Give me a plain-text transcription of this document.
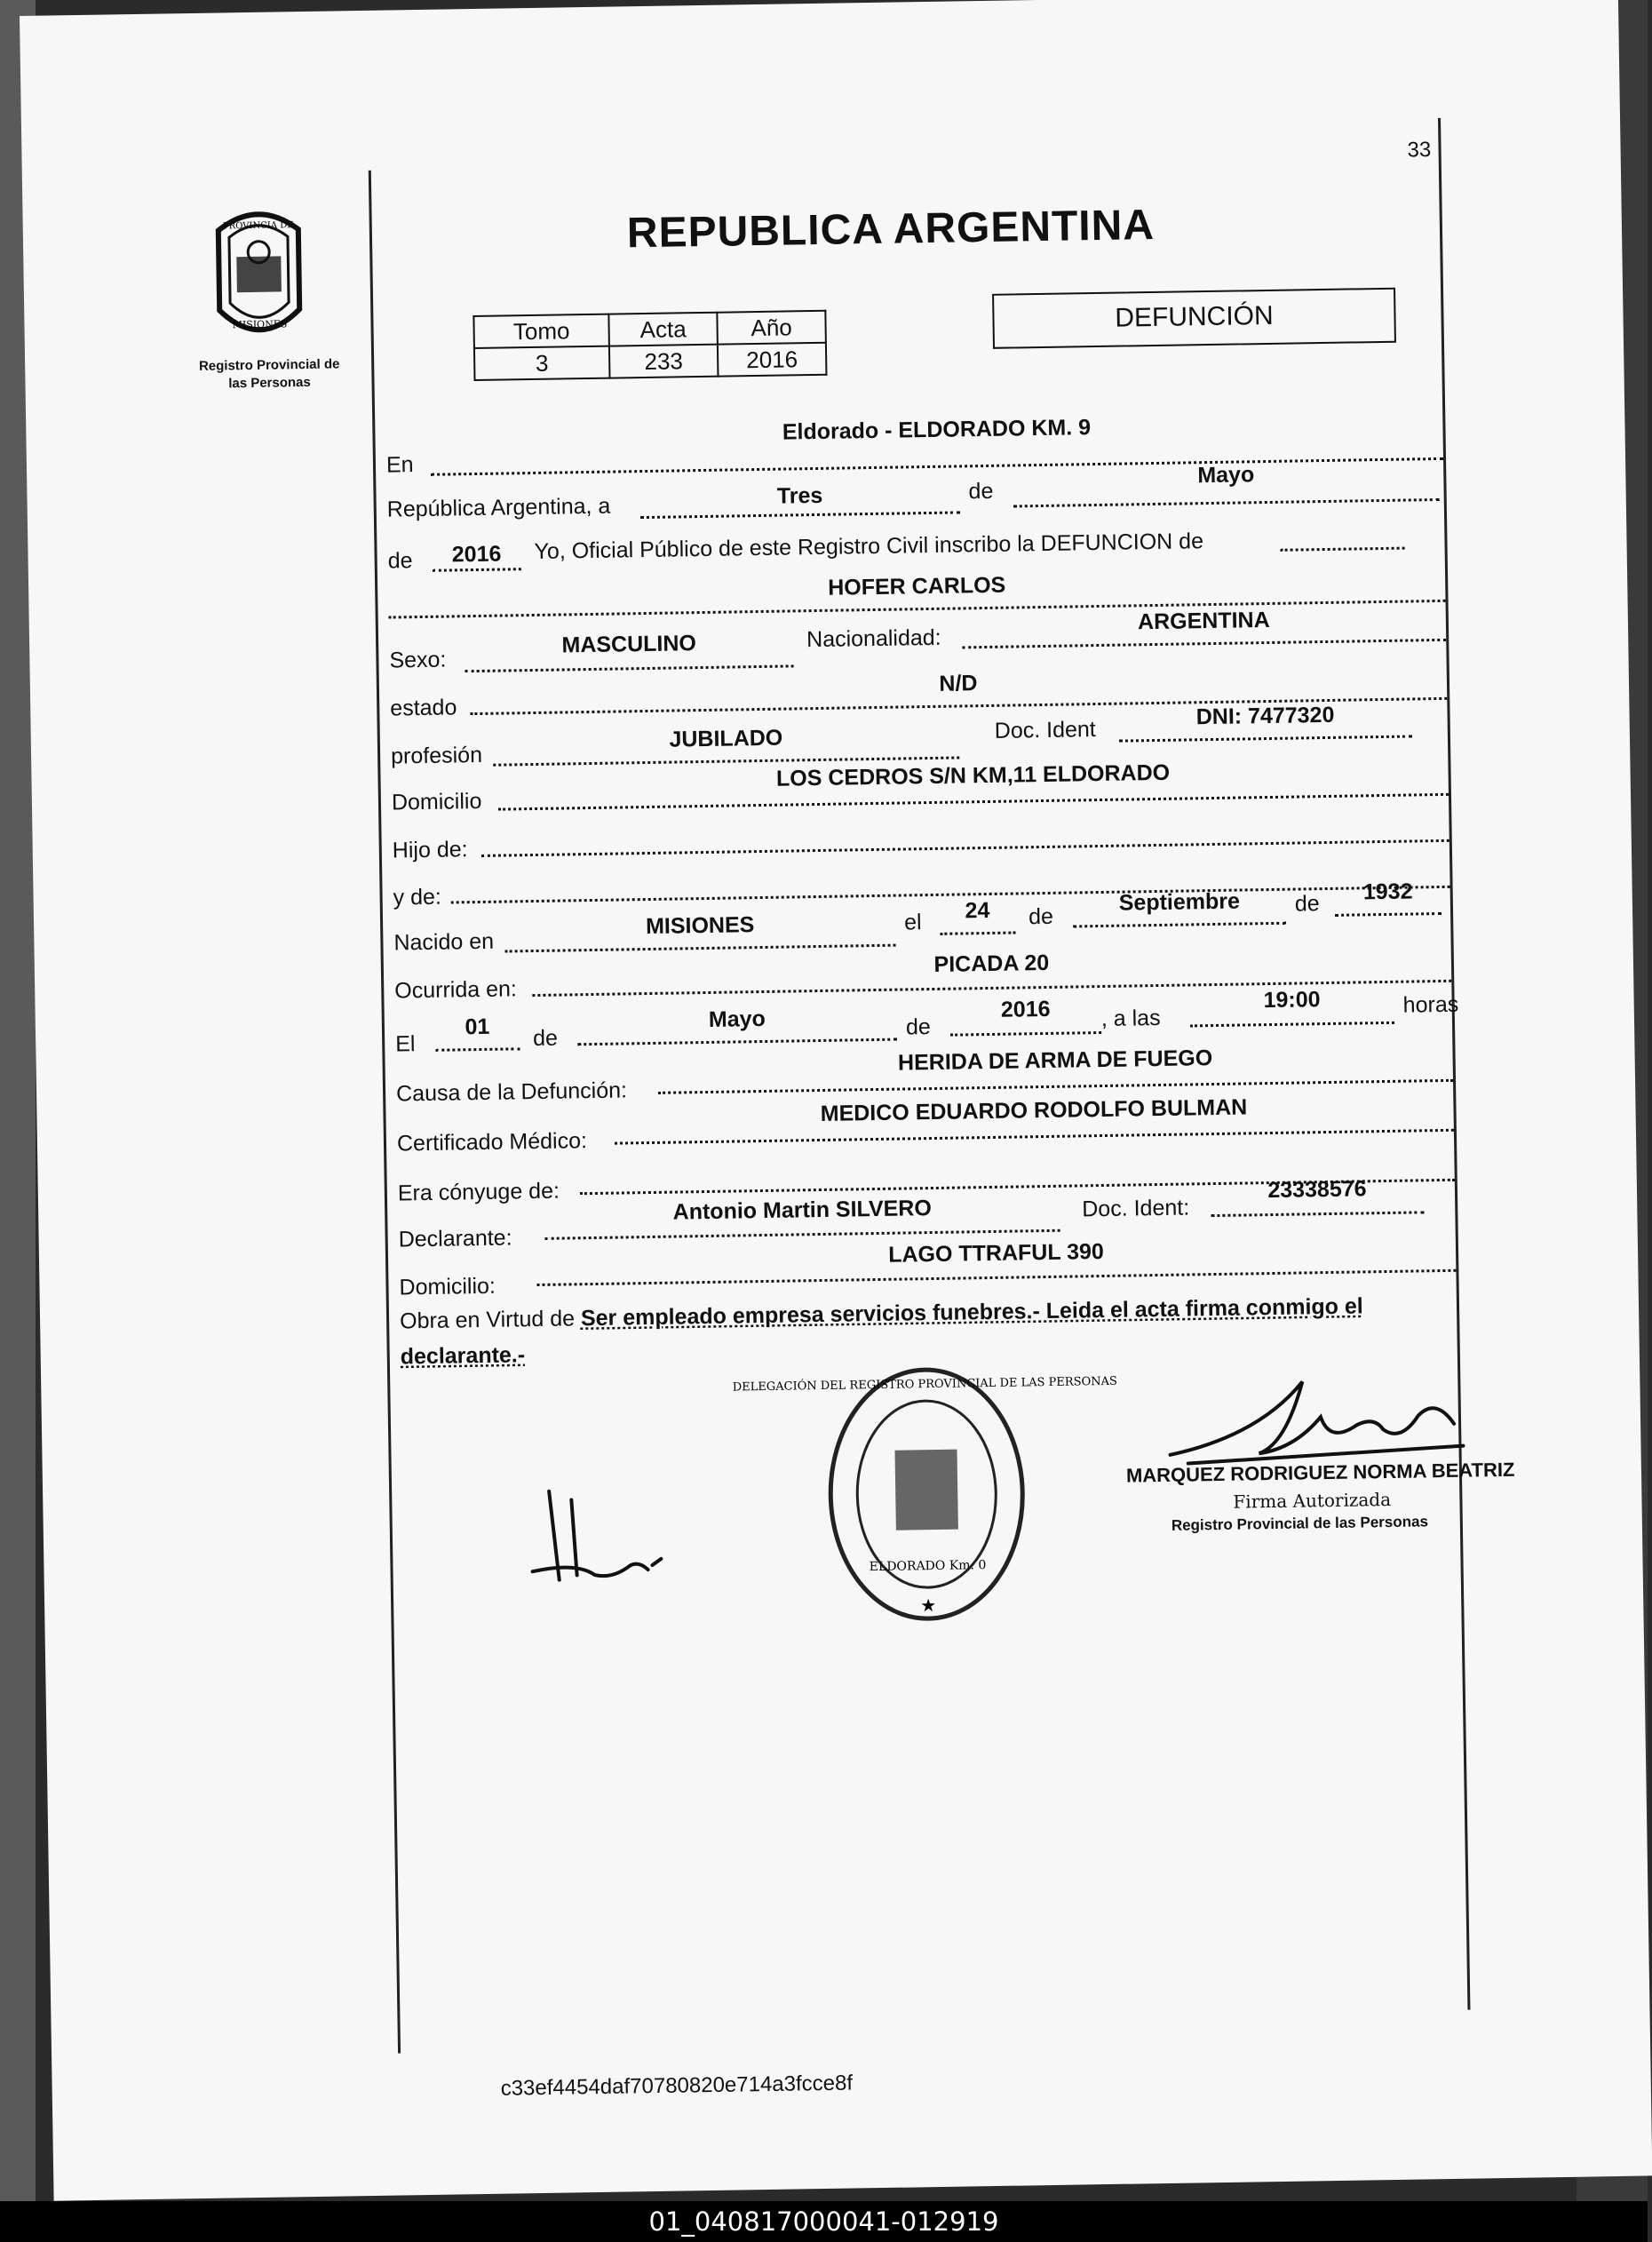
33
PROVINCIA DE
MISIONES
Registro Provincial de
las Personas
REPUBLICA ARGENTINA
Tomo	Acta	Año
3	233	2016
DEFUNCIÓN
En
Eldorado - ELDORADO KM. 9
República Argentina, a	Tres	de
Mayo
de	2016	Yo, Oficial Público de este Registro Civil inscribo la DEFUNCION de
HOFER CARLOS
Sexo:
MASCULINO	Nacionalidad:
ARGENTINA
estado
N/D
profesión
JUBILADO	Doc. Ident
DNI: 7477320
Domicilio
LOS CEDROS S/N KM,11 ELDORADO
Hijo de:
y de:
Nacido en
MISIONES	el	24	de
Septiembre	de	1932
Ocurrida en:
PICADA 20
El
01	de
Mayo	de
2016	, a las
19:00	horas
Causa de la Defunción:
HERIDA DE ARMA DE FUEGO
Certificado Médico:
MEDICO EDUARDO RODOLFO BULMAN
Era cónyuge de:
Declarante:
Antonio Martin SILVERO	Doc. Ident:
23338576
Domicilio:
LAGO TTRAFUL 390
Obra en Virtud de Ser empleado empresa servicios funebres.- Leida el acta firma conmigo el declarante.-
DELEGACIÓN DEL REGISTRO PROVINCIAL DE LAS PERSONAS
ELDORADO Km. 0
★
MARQUEZ RODRIGUEZ NORMA BEATRIZ
Firma Autorizada
Registro Provincial de las Personas
c33ef4454daf70780820e714a3fcce8f
01_040817000041-012919
